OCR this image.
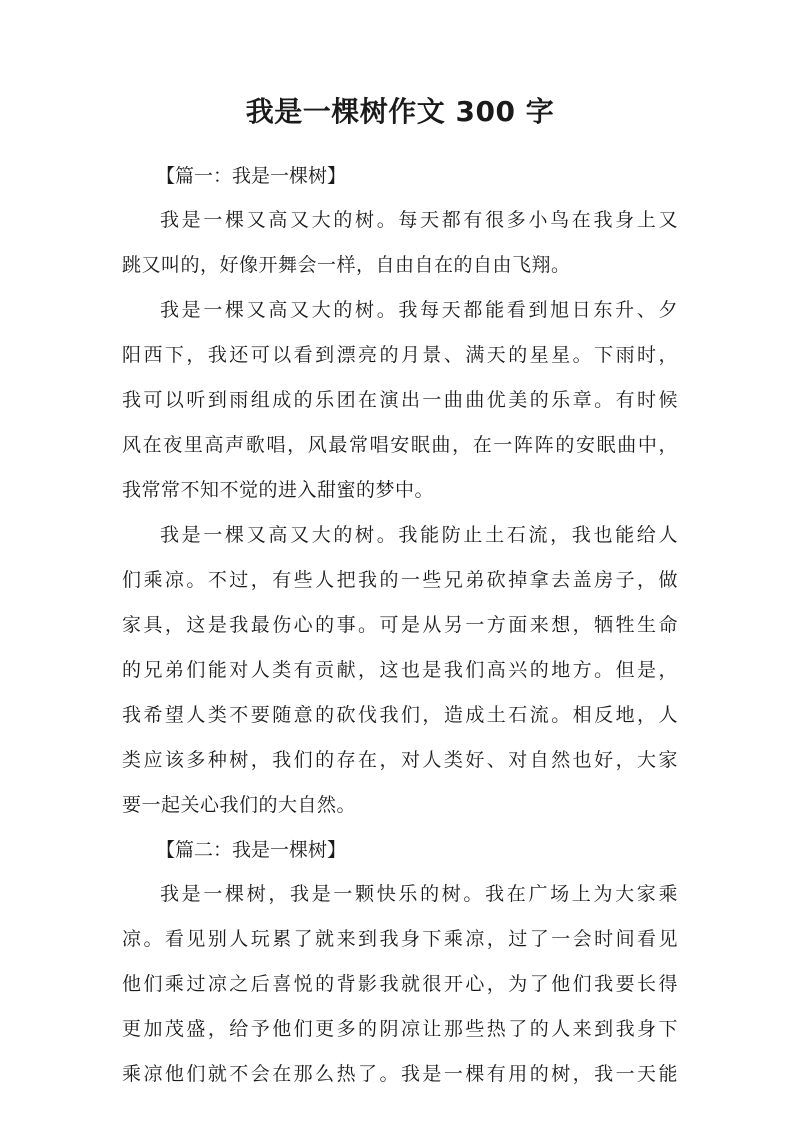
我是一棵树作文 300 字
【篇一：我是一棵树】

我是一棵又高又大的树。每天都有很多小鸟在我身上又
跳又叫的，好像开舞会一样，自由自在的自由飞翔。

我是一棵又高又大的树。我每天都能看到旭日东升、夕
阳西下，我还可以看到漂亮的月景、满天的星星。下雨时，
我可以听到雨组成的乐团在演出一曲曲优美的乐章。有时候
风在夜里高声歌唱，风最常唱安眠曲，在一阵阵的安眠曲中，
我常常不知不觉的进入甜蜜的梦中。

我是一棵又高又大的树。我能防止土石流，我也能给人
们乘凉。不过，有些人把我的一些兄弟砍掉拿去盖房子，做
家具，这是我最伤心的事。可是从另一方面来想，牺牲生命
的兄弟们能对人类有贡献，这也是我们高兴的地方。但是，
我希望人类不要随意的砍伐我们，造成土石流。相反地，人
类应该多种树，我们的存在，对人类好、对自然也好，大家
要一起关心我们的大自然。

【篇二：我是一棵树】

我是一棵树，我是一颗快乐的树。我在广场上为大家乘
凉。看见别人玩累了就来到我身下乘凉，过了一会时间看见
他们乘过凉之后喜悦的背影我就很开心，为了他们我要长得
更加茂盛，给予他们更多的阴凉让那些热了的人来到我身下
乘凉他们就不会在那么热了。我是一棵有用的树，我一天能
